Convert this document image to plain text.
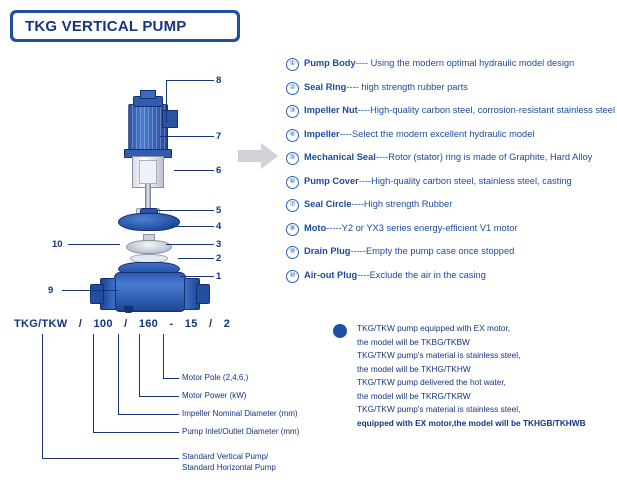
TKG VERTICAL PUMP
8
7
6
5
4
3
2
1
10
9
① Pump Body ---- Using the modern optimal hydraulic model design
② Seal Ring ---- high strength rubber parts
③ Impeller Nut ----High-quality carbon steel, corrosion-resistant stainless steel
④ Impeller ----Select the modern excellent hydraulic model
⑤ Mechanical Seal ----Rotor (stator) ring is made of Graphite, Hard Alloy
⑥ Pump Cover ----High-quality carbon steel, stainless steel, casting
⑦ Seal Circle ----High strength Rubber
⑧ Moto -----Y2 or YX3 series energy-efficient V1 motor
⑨ Drain Plug -----Empty the pump case once stopped
⑩ Air-out Plug ----Exclude the air in the casing
TKG/TKW / 100 / 160 - 15 / 2
Motor Pole (2,4,6,)
Motor Power (kW)
Impeller Nominal Diameter (mm)
Pump Inlet/Outlet Diameter (mm)
Standard Vertical Pump/
Standard Horizontal Pump
TKG/TKW pump equipped with EX motor,
the model will be TKBG/TKBW
TKG/TKW pump's material is stainless steel,
the model will be TKHG/TKHW
TKG/TKW pump delivered the hot water,
the model will be TKRG/TKRW
TKG/TKW pump's material is stainless steel,
equipped with EX motor,the model will be TKHGB/TKHWB
